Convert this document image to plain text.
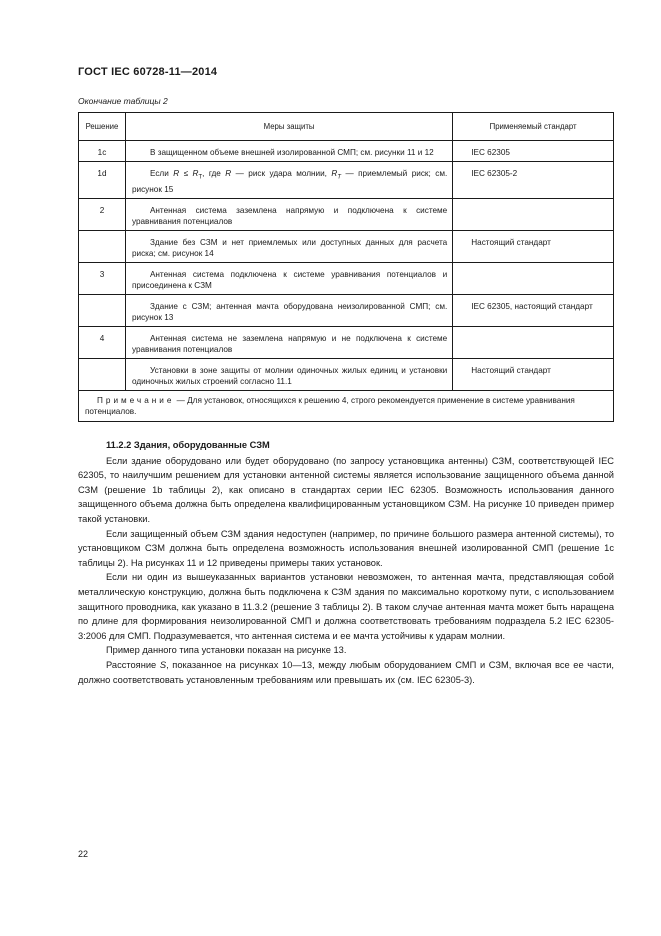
ГОСТ IEC 60728-11—2014
Окончание таблицы 2
Решение	Меры защиты	Применяемый стандарт
1c	В защищенном объеме внешней изолированной СМП; см. рисунки 11 и 12	IEC 62305
1d	Если $R \le R_T$, где R — риск удара молнии, $R_T$ — приемлемый риск; см. рисунок 15	IEC 62305-2
2	Антенная система заземлена напрямую и подключена к системе уравнивания потенциалов	
	Здание без СЗМ и нет приемлемых или доступных данных для расчета риска; см. рисунок 14	Настоящий стандарт
3	Антенная система подключена к системе уравнивания потенциалов и присоединена к СЗМ	
	Здание с СЗМ; антенная мачта оборудована неизолированной СМП; см. рисунок 13	IEC 62305, настоящий стандарт
4	Антенная система не заземлена напрямую и не подключена к системе уравнивания потенциалов	
	Установки в зоне защиты от молнии одиночных жилых единиц и установки одиночных жилых строений согласно 11.1	Настоящий стандарт
Примечание — Для установок, относящихся к решению 4, строго рекомендуется применение в системе уравнивания потенциалов.		
11.2.2 Здания, оборудованные СЗМ

Если здание оборудовано или будет оборудовано (по запросу установщика антенны) СЗМ, соответствующей IEC 62305, то наилучшим решением для установки антенной системы является использование защищенного объема данной СЗМ (решение 1b таблицы 2), как описано в стандартах серии IEC 62305. Возможность использования данного защищенного объема должна быть определена квалифицированным установщиком СЗМ. На рисунке 10 приведен пример такой установки.

Если защищенный объем СЗМ здания недоступен (например, по причине большого размера антенной системы), то установщиком СЗМ должна быть определена возможность использования внешней изолированной СМП (решение 1с таблицы 2). На рисунках 11 и 12 приведены примеры таких установок.

Если ни один из вышеуказанных вариантов установки невозможен, то антенная мачта, представляющая собой металлическую конструкцию, должна быть подключена к СЗМ здания по максимально короткому пути, с использованием защитного проводника, как указано в 11.3.2 (решение 3 таблицы 2). В таком случае антенная мачта может быть наращена по длине для формирования неизолированной СМП и должна соответствовать требованиям подраздела 5.2 IEC 62305-3:2006 для СМП. Подразумевается, что антенная система и ее мачта устойчивы к ударам молнии.

Пример данного типа установки показан на рисунке 13.

Расстояние S, показанное на рисунках 10—13, между любым оборудованием СМП и СЗМ, включая все ее части, должно соответствовать установленным требованиям или превышать их (см. IEC 62305-3).

22
